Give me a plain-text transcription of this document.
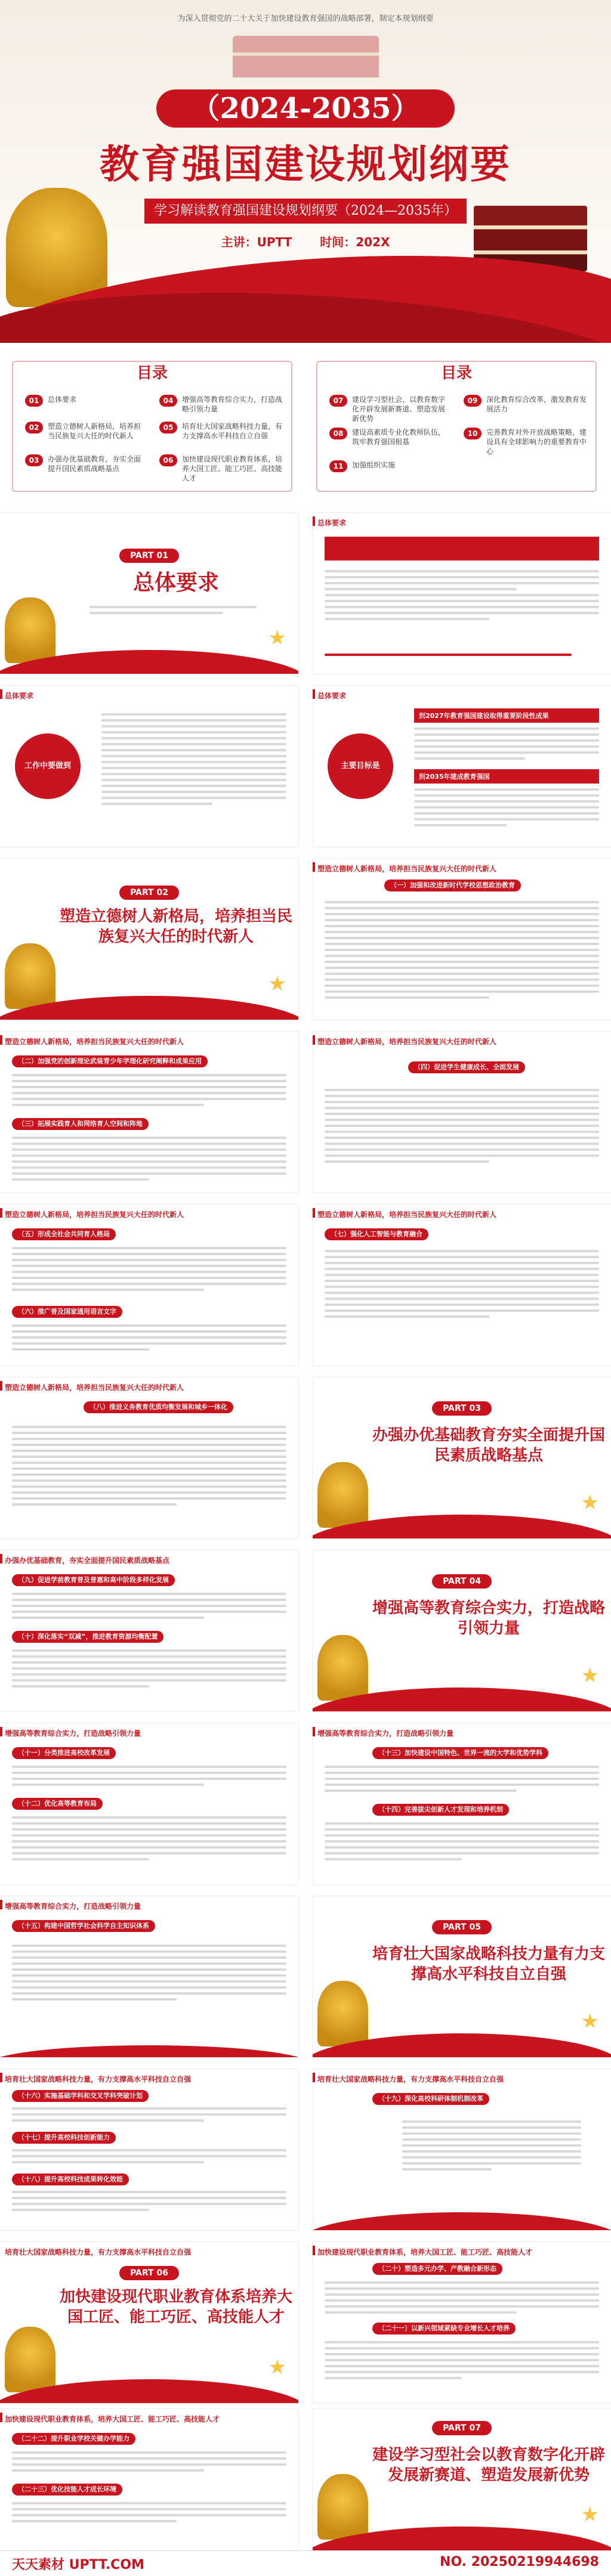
为深入贯彻党的二十大关于加快建设教育强国的战略部署，制定本规划纲要
（2024-2035）
教育强国建设规划纲要
学习解读教育强国建设规划纲要（2024—2035年）
主讲：UPTT 时间：202X
目录
01	总体要求
02	塑造立德树人新格局，培养担当民族复兴大任的时代新人
03	办强办优基础教育，夯实全面提升国民素质战略基点
04	增强高等教育综合实力，打造战略引领力量
05	培育壮大国家战略科技力量，有力支撑高水平科技自立自强
06	加快建设现代职业教育体系，培养大国工匠、能工巧匠、高技能人才
目录
07	建设学习型社会，以教育数字化开辟发展新赛道、塑造发展新优势
08	建设高素质专业化教师队伍，筑牢教育强国根基
11	加强组织实施
09	深化教育综合改革，激发教育发展活力
10	完善教育对外开放战略策略，建设具有全球影响力的重要教育中心
PART 01
总体要求
★
总体要求
总体要求
工作中要做到
总体要求
主要目标是
到2027年教育强国建设取得重要阶段性成果
到2035年建成教育强国
PART 02
塑造立德树人新格局，培养担当民族复兴大任的时代新人
★
塑造立德树人新格局，培养担当民族复兴大任的时代新人
（一）加强和改进新时代学校思想政治教育
塑造立德树人新格局，培养担当民族复兴大任的时代新人
（二）加强党的创新理论武装青少年学理化研究阐释和成果应用
（三）拓展实践育人和网络育人空间和阵地
塑造立德树人新格局，培养担当民族复兴大任的时代新人
（四）促进学生健康成长、全面发展
塑造立德树人新格局，培养担当民族复兴大任的时代新人
（五）形成全社会共同育人格局
（六）推广普及国家通用语言文字
塑造立德树人新格局，培养担当民族复兴大任的时代新人
（七）强化人工智能与教育融合
塑造立德树人新格局，培养担当民族复兴大任的时代新人
（八）推进义务教育优质均衡发展和城乡一体化	PART 03
办强办优基础教育夯实全面提升国民素质战略基点
★
办强办优基础教育，夯实全面提升国民素质战略基点
（九）促进学前教育普及普惠和高中阶段多样化发展
（十）深化落实“双减”，推进教育资源均衡配置
PART 04
增强高等教育综合实力，打造战略引领力量
★
增强高等教育综合实力，打造战略引领力量
（十一）分类推进高校改革发展
（十二）优化高等教育布局
增强高等教育综合实力，打造战略引领力量
（十三）加快建设中国特色、世界一流的大学和优势学科
（十四）完善拔尖创新人才发现和培养机制
增强高等教育综合实力，打造战略引领力量
（十五）构建中国哲学社会科学自主知识体系	PART 05
培育壮大国家战略科技力量有力支撑高水平科技自立自强
★
培育壮大国家战略科技力量，有力支撑高水平科技自立自强
（十六）实施基础学科和交叉学科突破计划
（十七）提升高校科技创新能力
（十八）提升高校科技成果转化效能
培育壮大国家战略科技力量，有力支撑高水平科技自立自强
（十九）深化高校科研体制机制改革
培育壮大国家战略科技力量，有力支撑高水平科技自立自强
PART 06
加快建设现代职业教育体系培养大国工匠、能工巧匠、高技能人才
★
加快建设现代职业教育体系，培养大国工匠、能工巧匠、高技能人才
（二十）塑造多元办学、产教融合新形态
（二十一）以新兴领域紧缺专业增长人才培养
加快建设现代职业教育体系，培养大国工匠、能工巧匠、高技能人才
（二十二）提升职业学校关键办学能力
（二十三）优化技能人才成长环境
PART 07
建设学习型社会以教育数字化开辟发展新赛道、塑造发展新优势
★
天天素材 UPTT.COM	NO. 20250219944698
